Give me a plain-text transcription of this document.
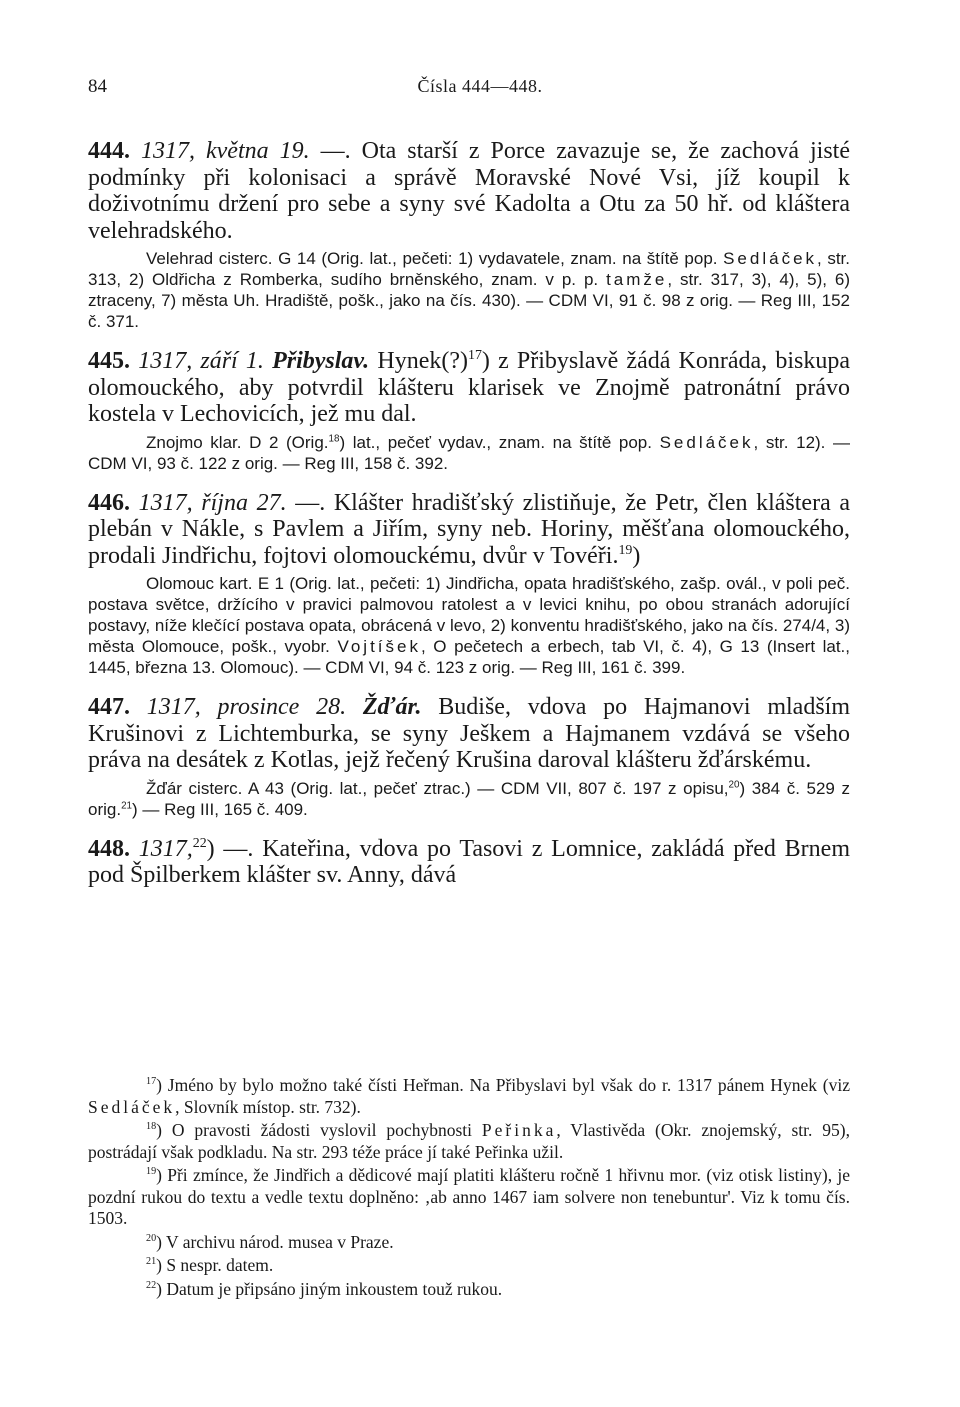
84	Čísla 444—448.

444. 1317, května 19. —. Ota starší z Porce zavazuje se, že zachová jisté podmínky při kolonisaci a správě Moravské Nové Vsi, jíž koupil k doživotnímu držení pro sebe a syny své Kadolta a Otu za 50 hř. od kláštera velehradského.

Velehrad cisterc. G 14 (Orig. lat., pečeti: 1) vydavatele, znam. na štítě pop. Sedláček, str. 313, 2) Oldřicha z Romberka, sudího brněnského, znam. v p. p. tamže, str. 317, 3), 4), 5), 6) ztraceny, 7) města Uh. Hradiště, pošk., jako na čís. 430). — CDM VI, 91 č. 98 z orig. — Reg III, 152 č. 371.

445. 1317, září 1. Přibyslav. Hynek(?)$^{17}$) z Přibyslavě žádá Konráda, biskupa olomouckého, aby potvrdil klášteru klarisek ve Znojmě patronátní právo kostela v Lechovicích, jež mu dal.

Znojmo klar. D 2 (Orig.$^{18}$) lat., pečeť vydav., znam. na štítě pop. Sedláček, str. 12). — CDM VI, 93 č. 122 z orig. — Reg III, 158 č. 392.

446. 1317, října 27. —. Klášter hradišťský zlistiňuje, že Petr, člen kláštera a plebán v Nákle, s Pavlem a Jiřím, syny neb. Horiny, měšťana olomouckého, prodali Jindřichu, fojtovi olomouckému, dvůr v Tovéři.$^{19}$)

Olomouc kart. E 1 (Orig. lat., pečeti: 1) Jindřicha, opata hradišťského, zašp. ovál., v poli peč. postava světce, držícího v pravici palmovou ratolest a v levici knihu, po obou stranách adorující postavy, níže klečící postava opata, obrácená v levo, 2) konventu hradišťského, jako na čís. 274/4, 3) města Olomouce, pošk., vyobr. Vojtíšek, O pečetech a erbech, tab VI, č. 4), G 13 (Insert lat., 1445, března 13. Olomouc). — CDM VI, 94 č. 123 z orig. — Reg III, 161 č. 399.

447. 1317, prosince 28. Žďár. Budiše, vdova po Hajmanovi mladším Krušinovi z Lichtemburka, se syny Ješkem a Hajmanem vzdává se všeho práva na desátek z Kotlas, jejž řečený Krušina daroval klášteru žďárskému.

Žďár cisterc. A 43 (Orig. lat., pečeť ztrac.) — CDM VII, 807 č. 197 z opisu,$^{20}$) 384 č. 529 z orig.$^{21}$) — Reg III, 165 č. 409.

448. 1317,22) —. Kateřina, vdova po Tasovi z Lomnice, zakládá před Brnem pod Špilberkem klášter sv. Anny, dává

$^{17}$) Jméno by bylo možno také čísti Heřman. Na Přibyslavi byl však do r. 1317 pánem Hynek (viz Sedláček, Slovník místop. str. 732).

$^{18}$) O pravosti žádosti vyslovil pochybnosti Peřinka, Vlastivěda (Okr. znojemský, str. 95), postrádají však podkladu. Na str. 293 téže práce jí také Peřinka užil.

$^{19}$) Při zmínce, že Jindřich a dědicové mají platiti klášteru ročně 1 hřivnu mor. (viz otisk listiny), je pozdní rukou do textu a vedle textu doplněno: ‚ab anno 1467 iam solvere non tenebuntur'. Viz k tomu čís. 1503.

$^{20}$) V archivu národ. musea v Praze.

$^{21}$) S nespr. datem.

$^{22}$) Datum je připsáno jiným inkoustem touž rukou.
